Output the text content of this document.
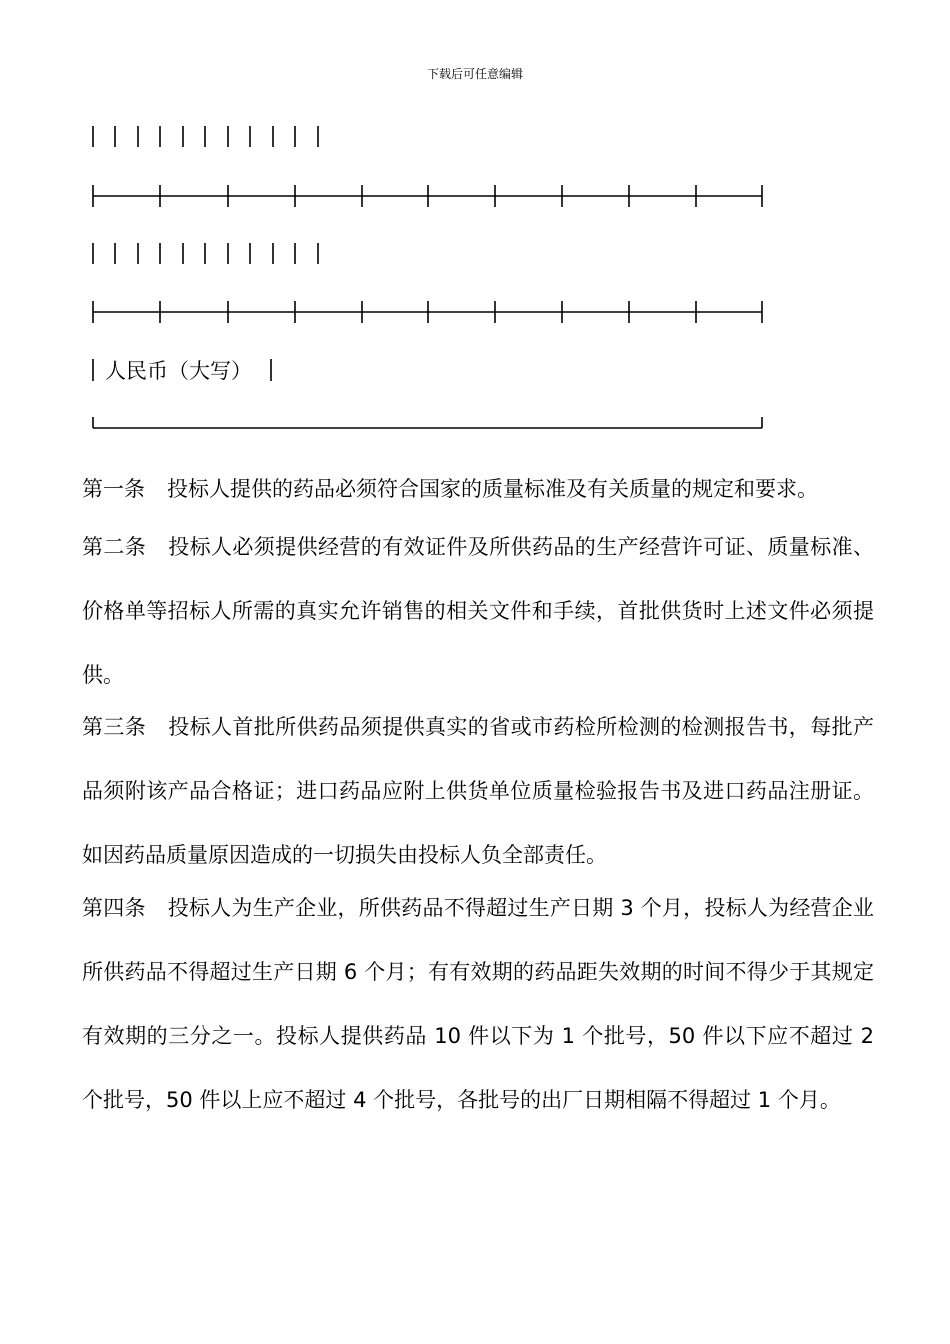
下载后可任意编辑
人民币（大写）

第一条 投标人提供的药品必须符合国家的质量标准及有关质量的规定和要求。

第二条 投标人必须提供经营的有效证件及所供药品的生产经营许可证、质量标准、价格单等招标人所需的真实允许销售的相关文件和手续，首批供货时上述文件必须提供。

第三条 投标人首批所供药品须提供真实的省或市药检所检测的检测报告书，每批产品须附该产品合格证；进口药品应附上供货单位质量检验报告书及进口药品注册证。如因药品质量原因造成的一切损失由投标人负全部责任。

第四条 投标人为生产企业，所供药品不得超过生产日期 3 个月，投标人为经营企业所供药品不得超过生产日期 6 个月；有有效期的药品距失效期的时间不得少于其规定有效期的三分之一。投标人提供药品 10 件以下为 1 个批号，50 件以下应不超过 2 个批号，50 件以上应不超过 4 个批号，各批号的出厂日期相隔不得超过 1 个月。
